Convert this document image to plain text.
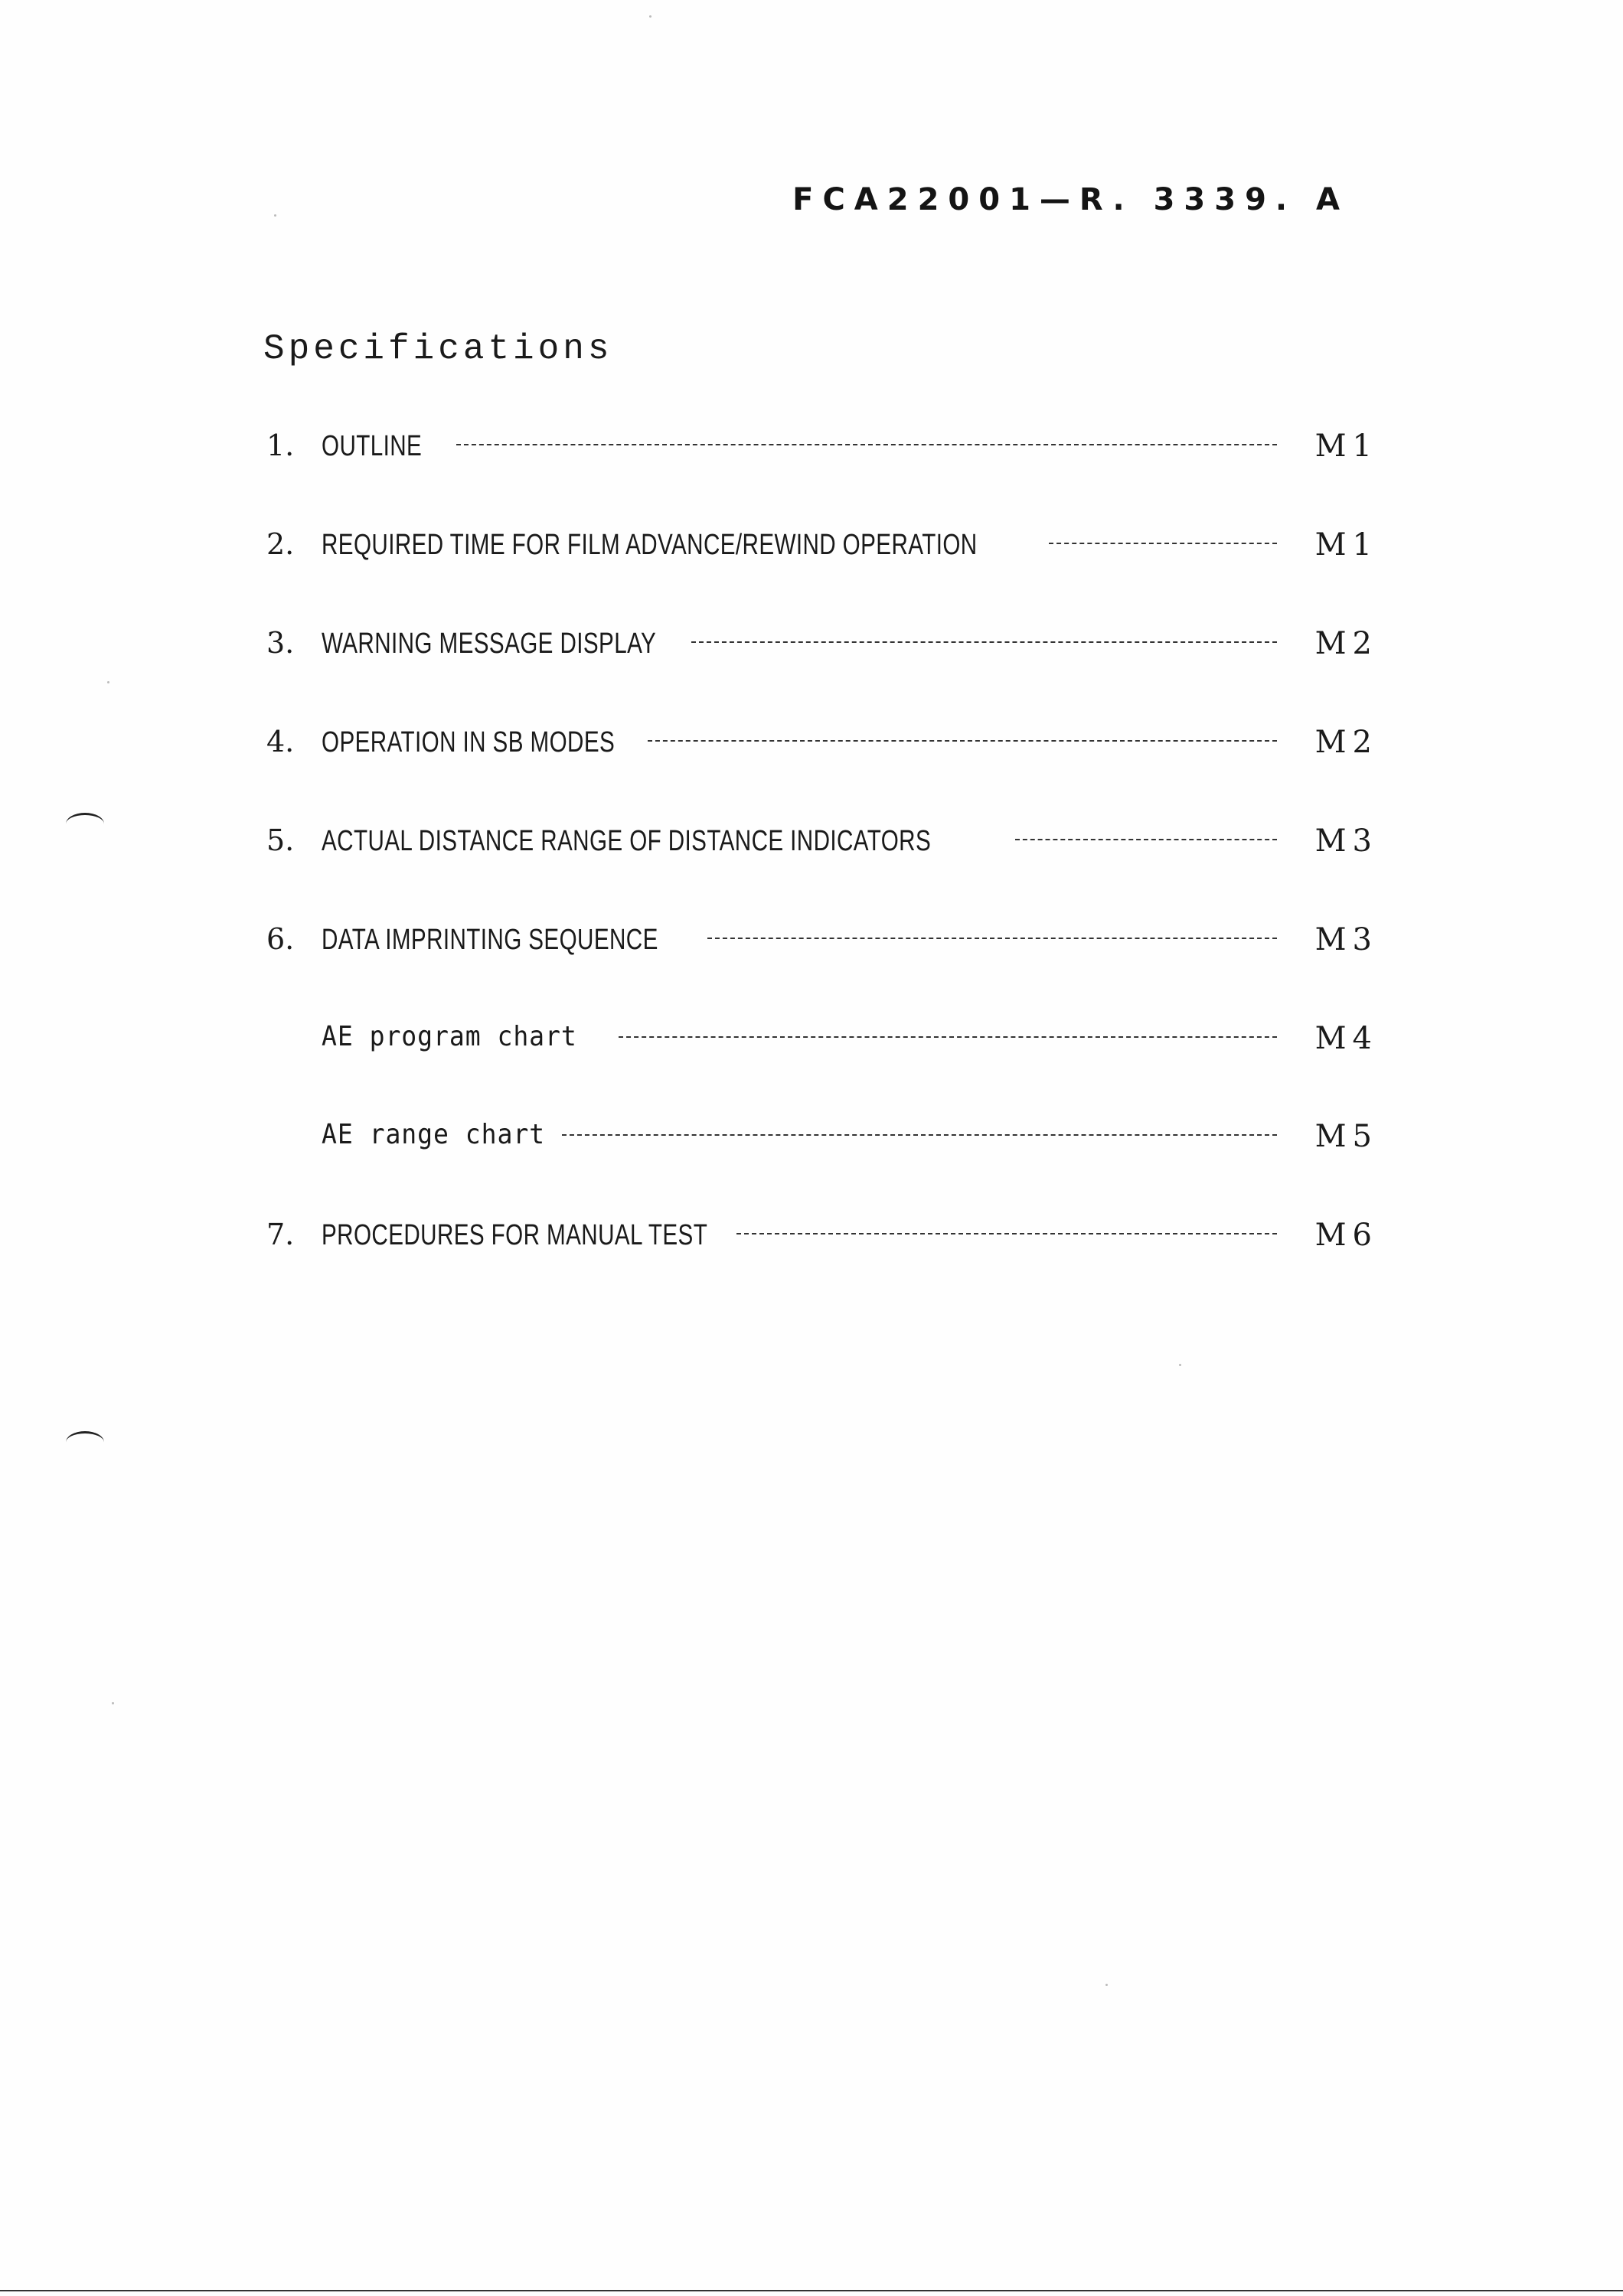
FCA22001—R. 3339. A
Specifications
1. OUTLINE	M1
2. REQUIRED TIME FOR FILM ADVANCE/REWIND OPERATION	M1
3. WARNING MESSAGE DISPLAY	M2
4. OPERATION IN SB MODES	M2
5. ACTUAL DISTANCE RANGE OF DISTANCE INDICATORS	M3
6. DATA IMPRINTING SEQUENCE	M3
AE program chart	M4
AE range chart	M5
7. PROCEDURES FOR MANUAL TEST	M6
